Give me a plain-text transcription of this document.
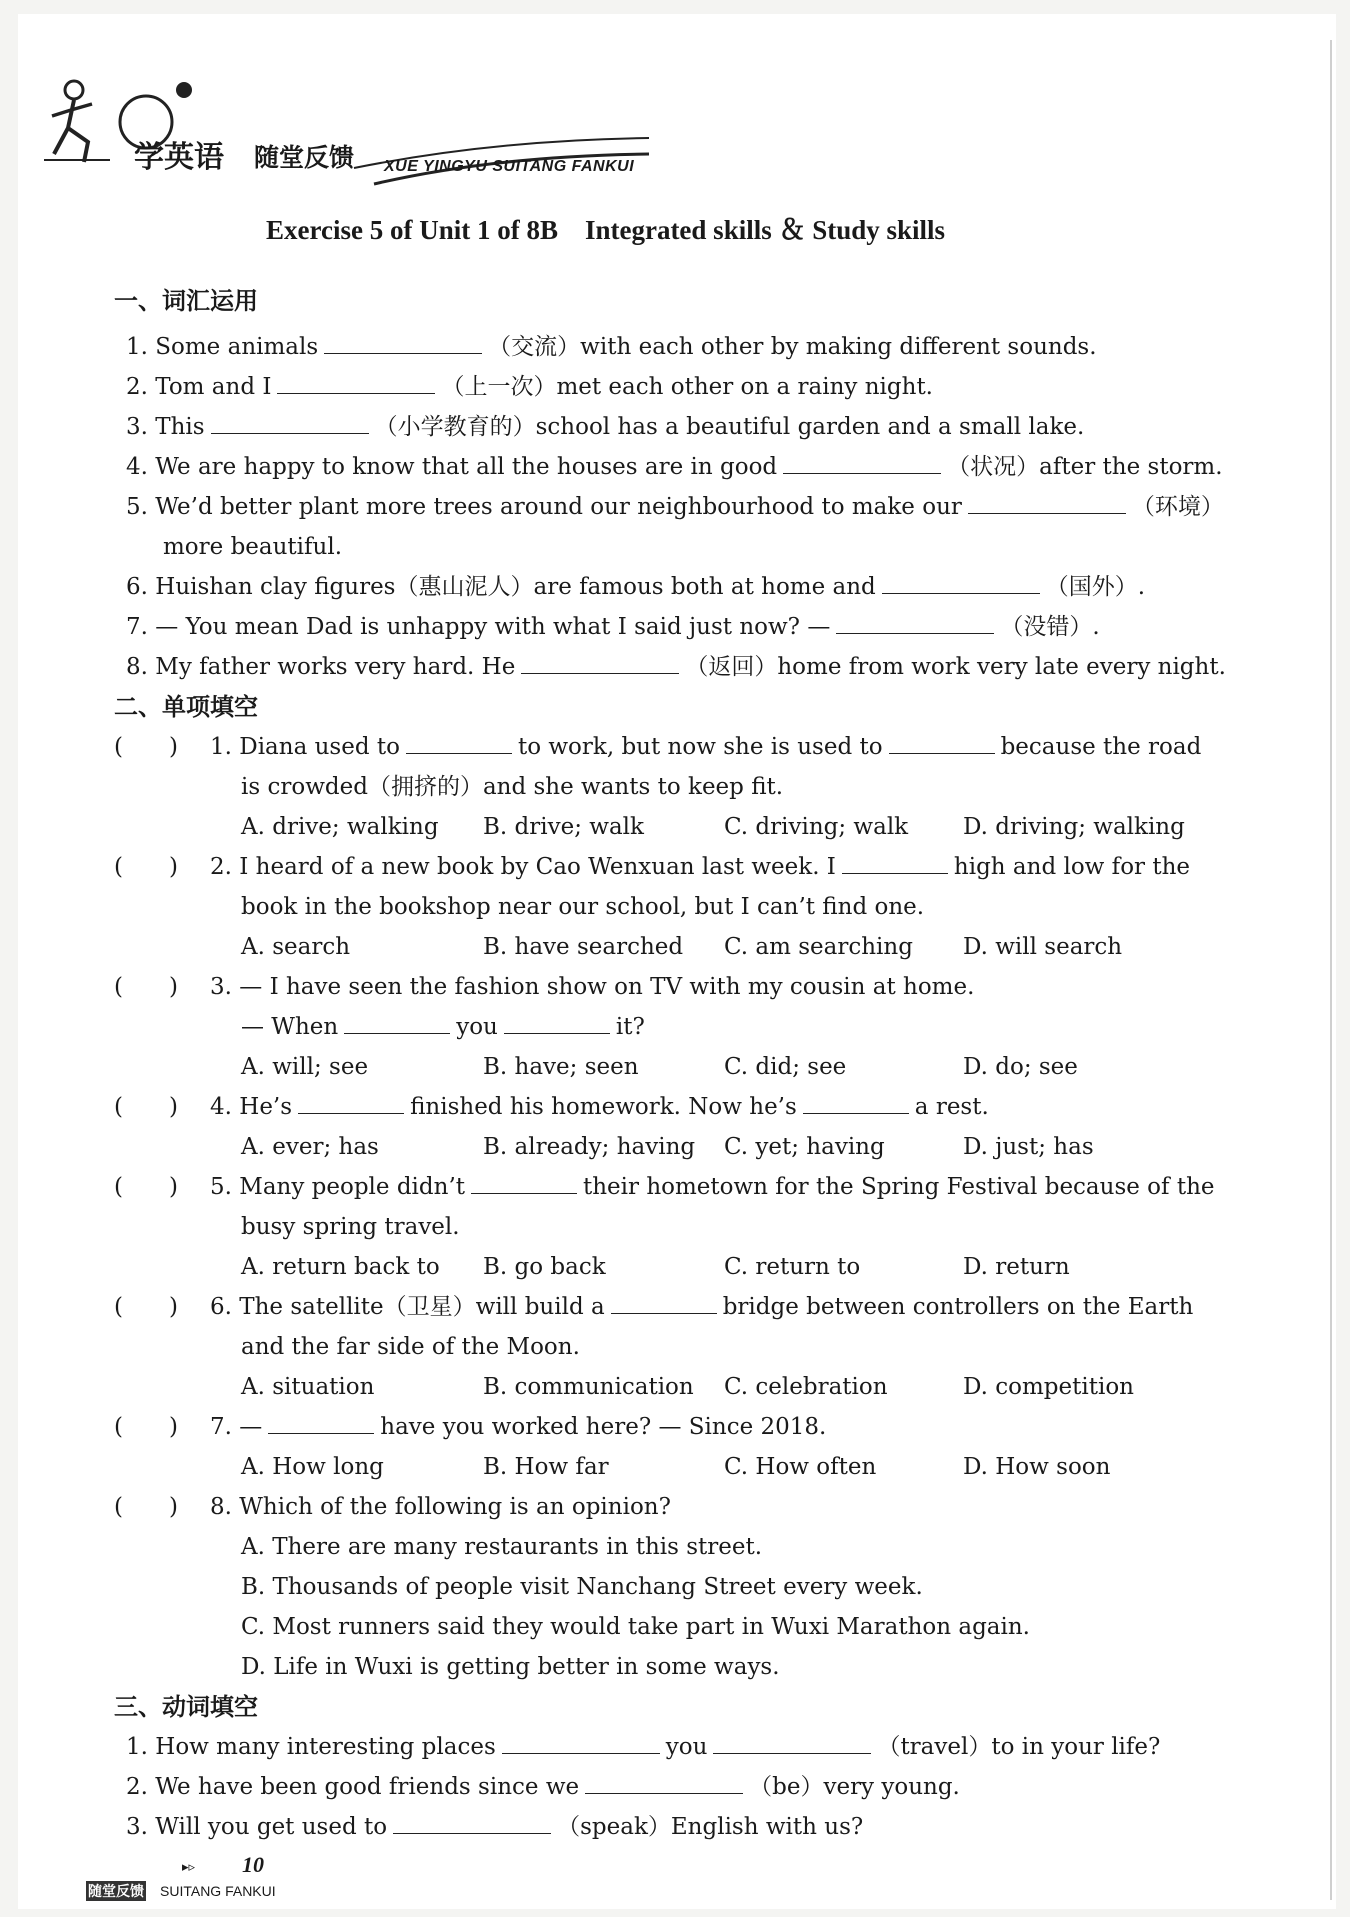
学英语 随堂反馈 XUE YINGYU SUITANG FANKUI
Exercise 5 of Unit 1 of 8B　Integrated skills ＆ Study skills
一、词汇运用
1. Some animals	（交流）with each other by making different sounds.
2. Tom and I	（上一次）met each other on a rainy night.
3. This	（小学教育的）school has a beautiful garden and a small lake.
4. We are happy to know that all the houses are in good	（状况）after the storm.
5. We’d better plant more trees around our neighbourhood to make our	（环境）
more beautiful.
6. Huishan clay figures（惠山泥人）are famous both at home and	（国外）.
7. — You mean Dad is unhappy with what I said just now? —	（没错）.
8. My father works very hard. He	（返回）home from work very late every night.
二、单项填空
(　　) 1. Diana used to	to work, but now she is used to	because the road
is crowded（拥挤的）and she wants to keep fit.
A. drive; walking B. drive; walk	C. driving; walk D. driving; walking
(　　) 2. I heard of a new book by Cao Wenxuan last week. I	high and low for the
book in the bookshop near our school, but I can’t find one.
A. search	B. have searched C. am searching D. will search
(　　) 3. — I have seen the fashion show on TV with my cousin at home.
— When	you	it?
A. will; see	B. have; seen	C. did; see	D. do; see
(　　) 4. He’s	finished his homework. Now he’s	a rest.
A. ever; has	B. already; having C. yet; having	D. just; has
(　　) 5. Many people didn’t	their hometown for the Spring Festival because of the
busy spring travel.
A. return back to B. go back	C. return to	D. return
(　　) 6. The satellite（卫星）will build a	bridge between controllers on the Earth
and the far side of the Moon.
A. situation	B. communication C. celebration	D. competition
(　　) 7. —	have you worked here? — Since 2018.
A. How long	B. How far	C. How often	D. How soon
(　　) 8. Which of the following is an opinion?
A. There are many restaurants in this street.
B. Thousands of people visit Nanchang Street every week.
C. Most runners said they would take part in Wuxi Marathon again.
D. Life in Wuxi is getting better in some ways.
三、动词填空
1. How many interesting places	you	（travel）to in your life?
2. We have been good friends since we	（be）very young.
3. Will you get used to	（speak）English with us?
▸▹ 10
随堂反馈 SUITANG FANKUI
